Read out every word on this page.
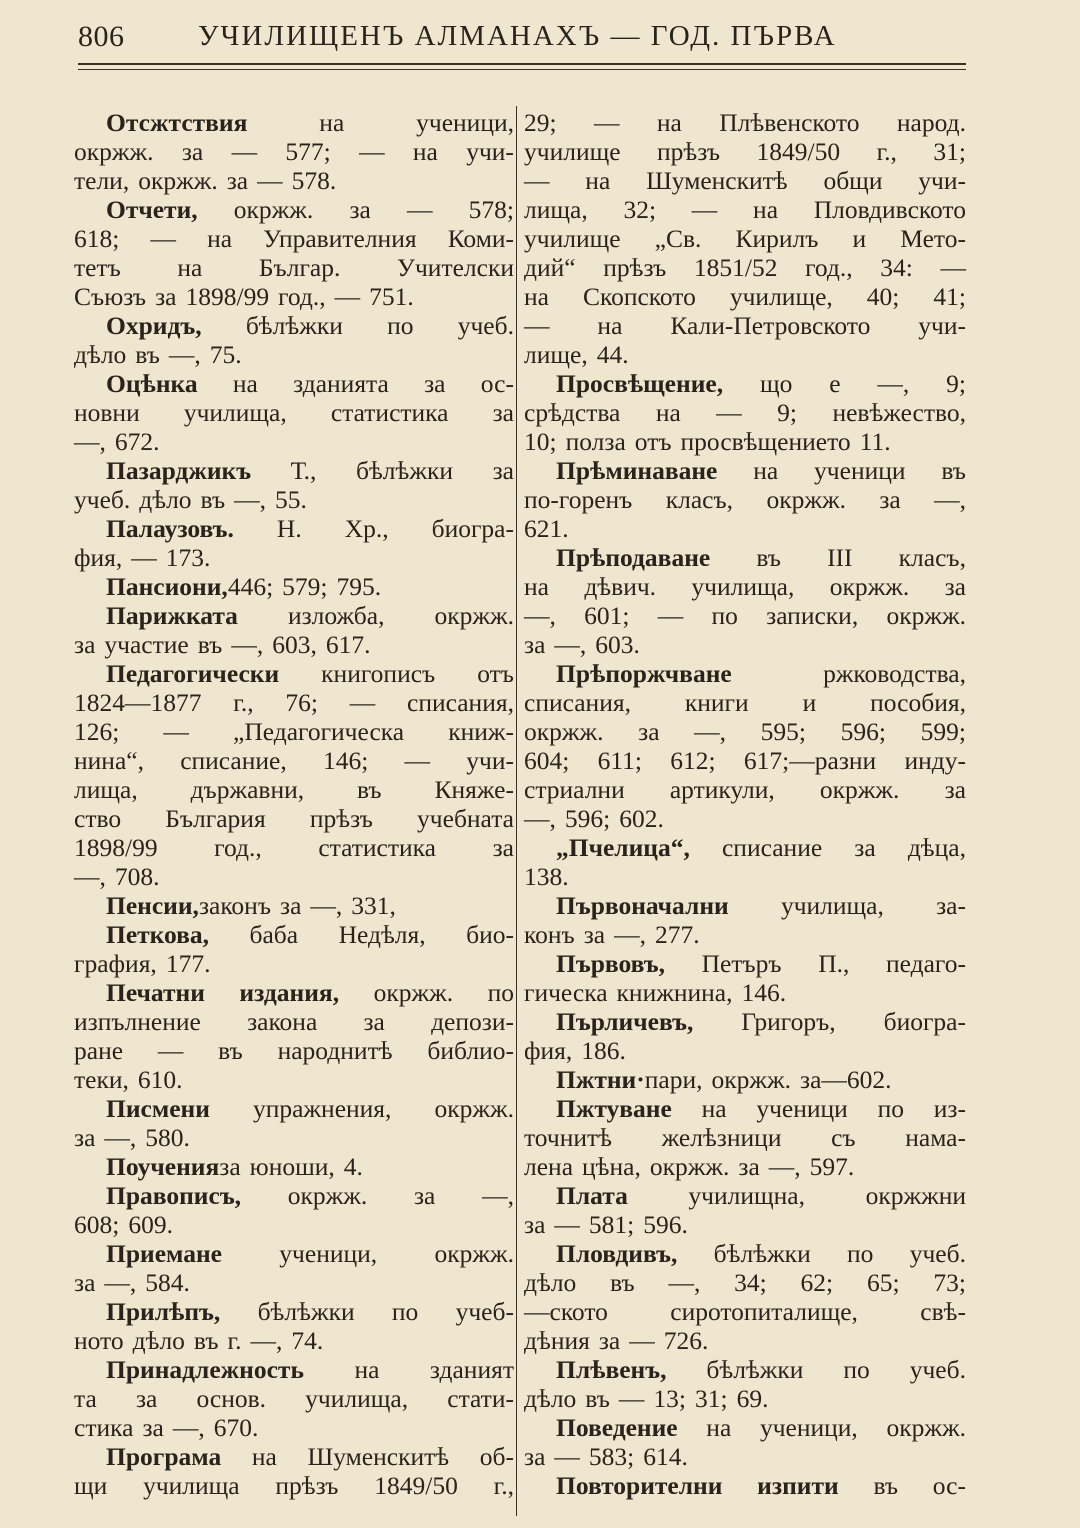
806	УЧИЛИЩЕНЪ АЛМАНАХЪ — ГОД. ПЪРВА
Отсжтствия	на	ученици,
окржж. за — 577; — на учи-
тели, окржж. за — 578.
Отчети, окржж. за — 578;
618; — на Управителния Коми-
тетъ на Българ. Учителски
Съюзъ за 1898/99 год., — 751.
Охридъ, бѣлѣжки по учеб.
дѣло въ —, 75.
Оцѣнка на зданията за ос-
новни училища, статистика за
—, 672.
Пазарджикъ Т., бѣлѣжки за
учеб. дѣло въ —, 55.
Палаузовъ. Н. Хр., биогра-
фия, — 173.
Пансиони, 446; 579; 795.
Парижката изложба, окржж.
за участие въ —, 603, 617.
Педагогически книгописъ отъ
1824—1877 г., 76; — списания,
126; — „Педагогическа книж-
нина“, списание, 146; — учи-
лища, държавни, въ Княже-
ство България прѣзъ учебната
1898/99 год., статистика за
—, 708.
Пенсии, законъ за —, 331,
Петкова, баба Недѣля, био-
графия, 177.
Печатни издания, окржж. по
изпълнение закона за депози-
ране — въ народнитѣ библио-
теки, 610.
Писмени упражнения, окржж.
за —, 580.
Поучения за юноши, 4.
Правописъ, окржж. за —,
608; 609.
Приемане ученици, окржж.
за —, 584.
Прилѣпъ, бѣлѣжки по учеб-
ното дѣло въ г. —, 74.
Принадлежность на зданият
та за основ. училища, стати-
стика за —, 670.
Програма на Шуменскитѣ об-
щи училища прѣзъ 1849/50 г.,
29; — на Плѣвенското народ.
училище прѣзъ 1849/50 г., 31;
— на Шуменскитѣ общи учи-
лища, 32; — на Пловдивското
училище „Св. Кирилъ и Мето-
дий“ прѣзъ 1851/52 год., 34: —
на Скопското училище, 40; 41;
— на Кали-Петровското учи-
лище, 44.
Просвѣщение, що е —, 9;
срѣдства на — 9; невѣжество,
10; полза отъ просвѣщението 11.
Прѣминаване на ученици въ
по-горенъ класъ, окржж. за —,
621.
Прѣподаване въ III класъ,
на дѣвич. училища, окржж. за
—, 601; — по записки, окржж.
за —, 603.
Прѣпоржчване	ржководства,
списания, книги и пособия,
окржж. за —, 595; 596; 599;
604; 611; 612; 617;—разни инду-
стриални артикули, окржж. за
—, 596; 602.
„Пчелица“, списание за дѣца,
138.
Първоначални училища, за-
конъ за —, 277.
Първовъ, Петъръ П., педаго-
гическа книжнина, 146.
Пърличевъ, Григоръ, биогра-
фия, 186.
Пжтни· пари, окржж. за—602.
Пжтуване на ученици по из-
точнитѣ желѣзници съ нама-
лена цѣна, окржж. за —, 597.
Плата училищна, окржжни
за — 581; 596.
Пловдивъ, бѣлѣжки по учеб.
дѣло въ —, 34; 62; 65; 73;
—ското сиротопиталище, свѣ-
дѣния за — 726.
Плѣвенъ, бѣлѣжки по учеб.
дѣло въ — 13; 31; 69.
Поведение на ученици, окржж.
за — 583; 614.
Повторителни изпити въ ос-
